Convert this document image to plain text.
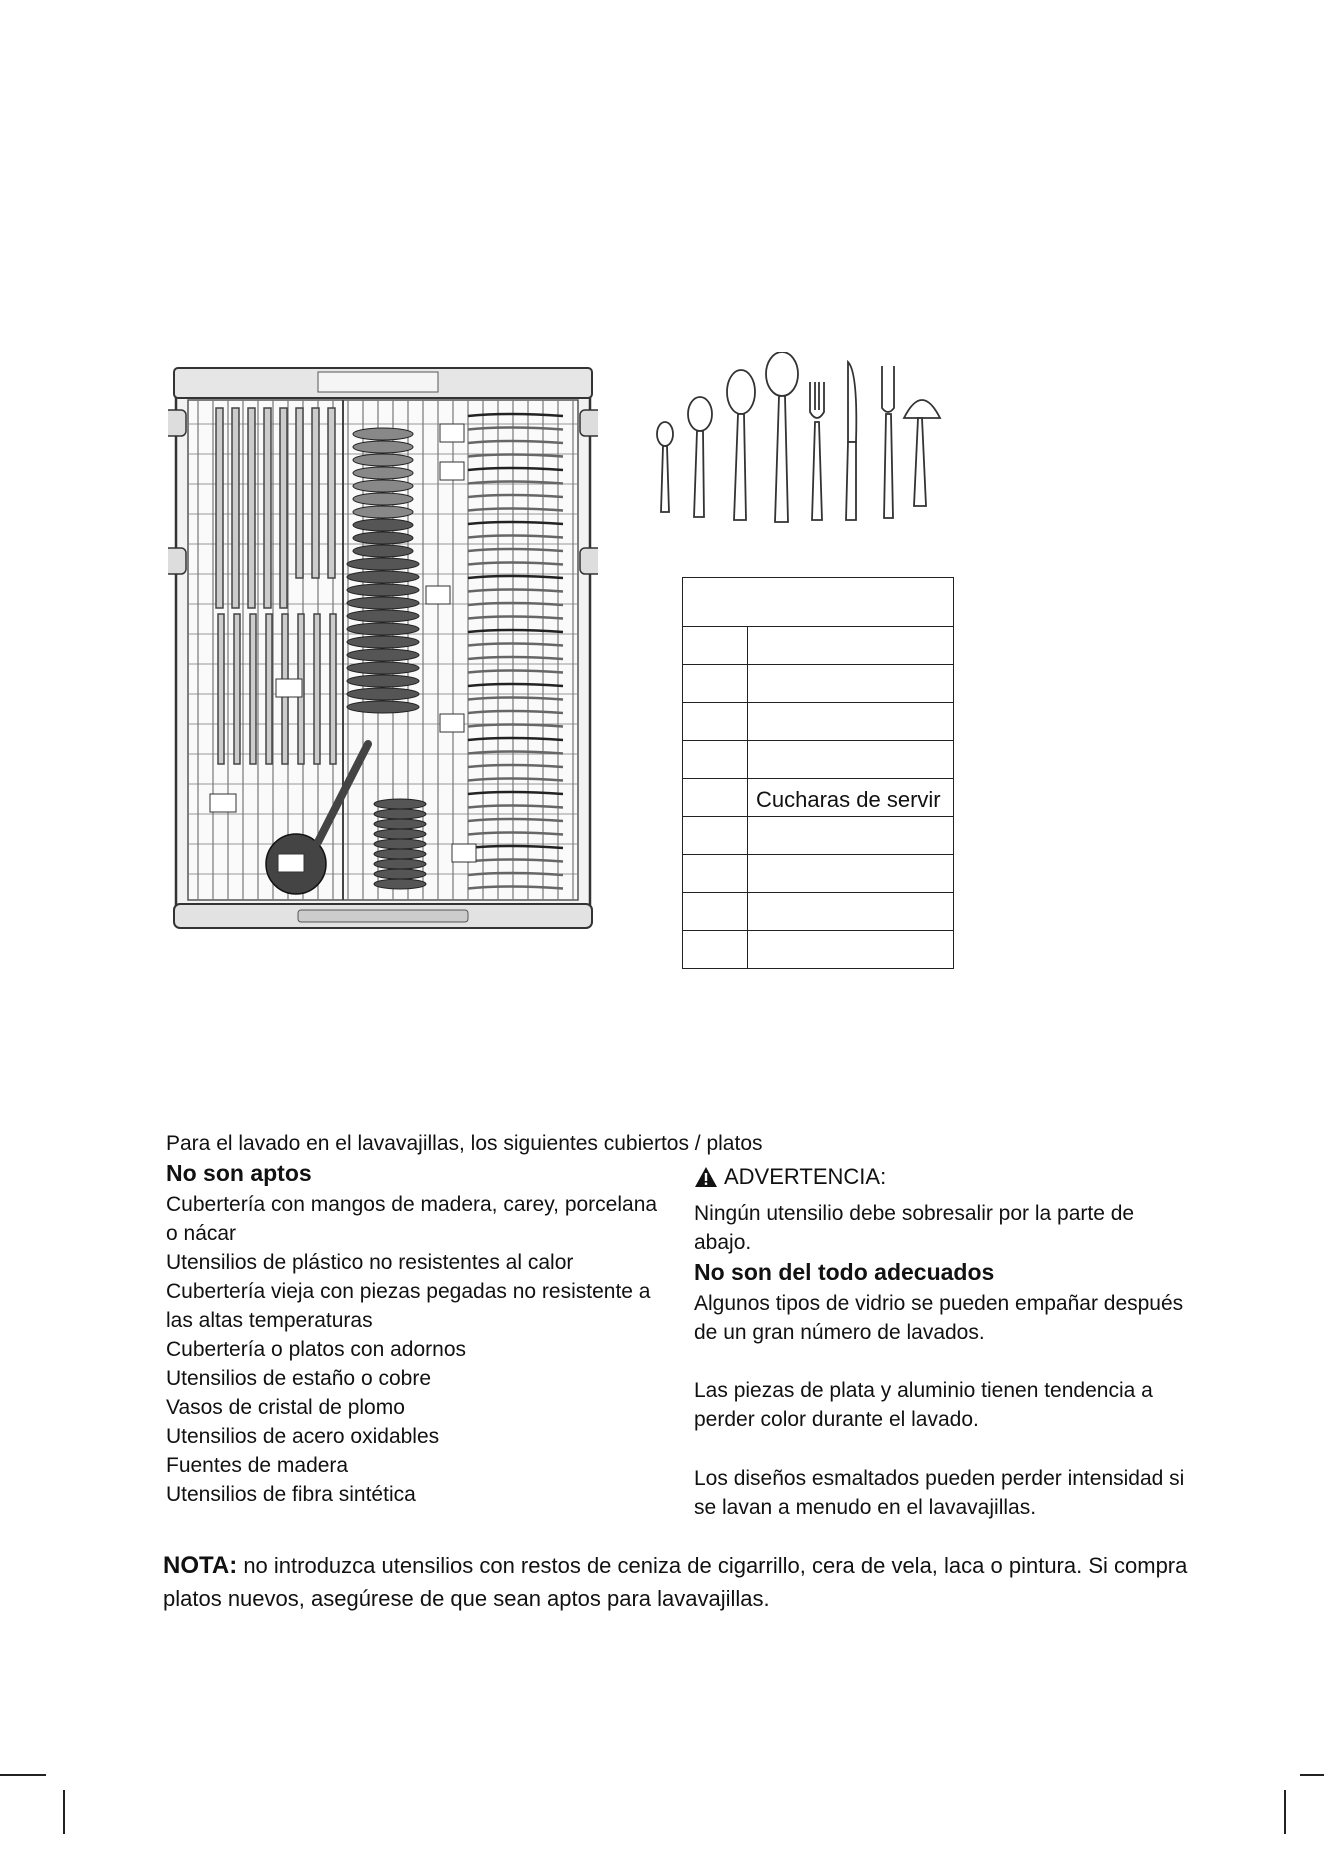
	Cucharas de servir

Para el lavado en el lavavajillas, los siguientes cubiertos / platos
No son aptos
Cubertería con mangos de madera, carey, porcelana
o nácar
Utensilios de plástico no resistentes al calor
Cubertería vieja con piezas pegadas no resistente a
las altas temperaturas
Cubertería o platos con adornos
Utensilios de estaño o cobre
Vasos de cristal de plomo
Utensilios de acero oxidables
Fuentes de madera
Utensilios de fibra sintética
ADVERTENCIA:
Ningún utensilio debe sobresalir por la parte de
abajo.
No son del todo adecuados
Algunos tipos de vidrio se pueden empañar después
de un gran número de lavados.
Las piezas de plata y aluminio tienen tendencia a
perder color durante el lavado.
Los diseños esmaltados pueden perder intensidad si
se lavan a menudo en el lavavajillas.
NOTA: no introduzca utensilios con restos de ceniza de cigarrillo, cera de vela, laca o pintura. Si compra
platos nuevos, asegúrese de que sean aptos para lavavajillas.
